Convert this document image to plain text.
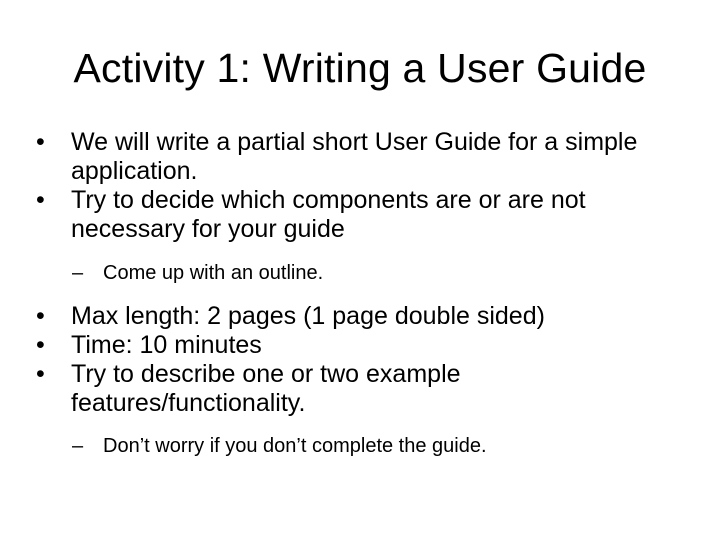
Activity 1: Writing a User Guide
•	We will write a partial short User Guide for a simple application.
•	Try to decide which components are or are not necessary for your guide
– Come up with an outline.
•	Max length: 2 pages (1 page double sided)
•	Time: 10 minutes
•	Try to describe one or two example features/functionality.
– Don’t worry if you don’t complete the guide.
